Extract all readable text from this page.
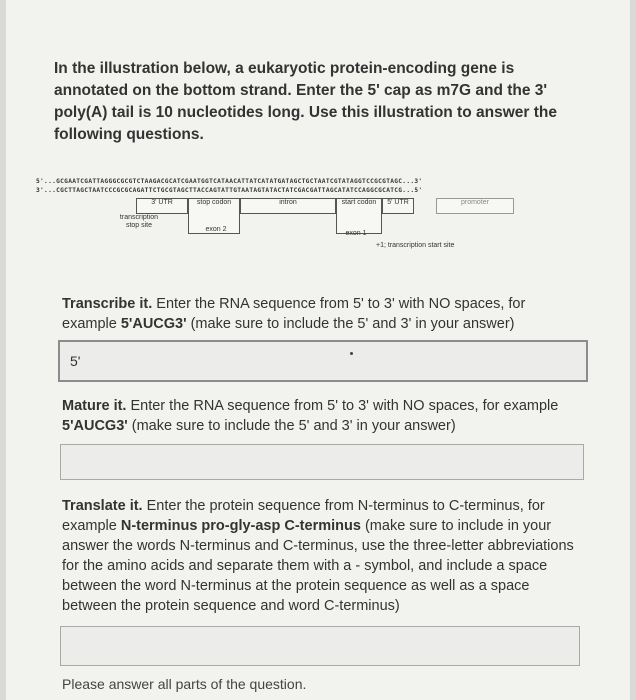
In the illustration below, a eukaryotic protein-encoding gene is annotated on the bottom strand. Enter the 5' cap as m7G and the 3' poly(A) tail is 10 nucleotides long. Use this illustration to answer the following questions.
5'...GCGAATCGATTAGGGCGCGTCTAAGACGCATCGAATGGTCATAACATTATCATATGATAGCTGCTAATCGTATAGGTCCGCGTAGC...3'
3'...CGCTTAGCTAATCCCGCGCAGATTCTGCGTAGCTTACCAGTATTGTAATAGTATACTATCGACGATTAGCATATCCAGGCGCATCG...5'
3' UTR	stop codon	intron	start codon	5' UTR	promoter
transcription stop site
exon 2
exon 1
+1; transcription start site
Transcribe it. Enter the RNA sequence from 5' to 3' with NO spaces, for example 5'AUCG3' (make sure to include the 5' and 3' in your answer)
5'
Mature it. Enter the RNA sequence from 5' to 3' with NO spaces, for example 5'AUCG3' (make sure to include the 5' and 3' in your answer)
Translate it. Enter the protein sequence from N-terminus to C-terminus, for example N-terminus pro-gly-asp C-terminus (make sure to include in your answer the words N-terminus and C-terminus, use the three-letter abbreviations for the amino acids and separate them with a - symbol, and include a space between the word N-terminus at the protein sequence as well as a space between the protein sequence and word C-terminus)
Please answer all parts of the question.
